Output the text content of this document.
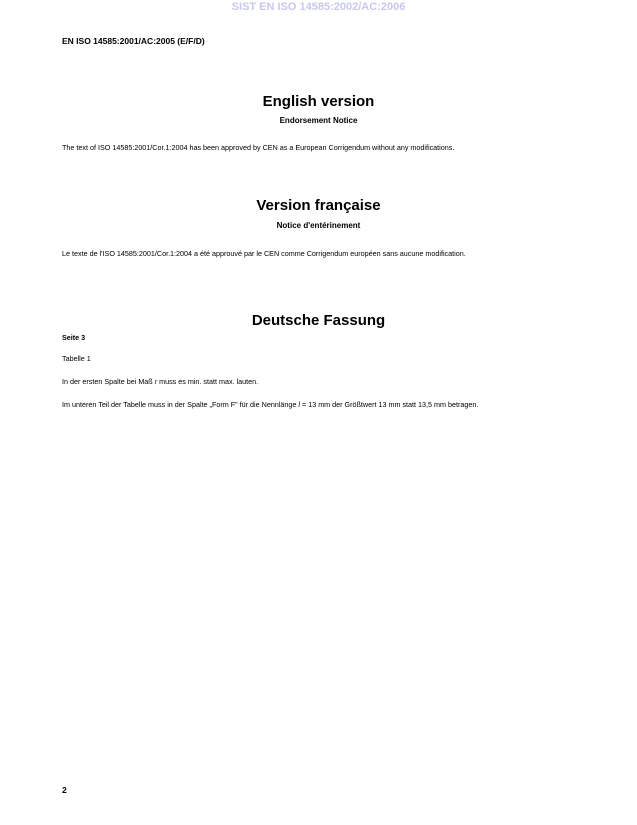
SIST EN ISO 14585:2002/AC:2006
EN ISO 14585:2001/AC:2005 (E/F/D)
English version
Endorsement Notice
The text of ISO 14585:2001/Cor.1:2004 has been approved by CEN as a European Corrigendum without any modifications.
Version française
Notice d'entérinement
Le texte de l'ISO 14585:2001/Cor.1:2004 a été approuvé par le CEN comme Corrigendum européen sans aucune modification.
Deutsche Fassung
Seite 3
Tabelle 1
In der ersten Spalte bei Maß r muss es min. statt max. lauten.
Im unteren Teil der Tabelle muss in der Spalte „Form F" für die Nennlänge l = 13 mm der Größtwert 13 mm statt 13,5 mm betragen.
2
